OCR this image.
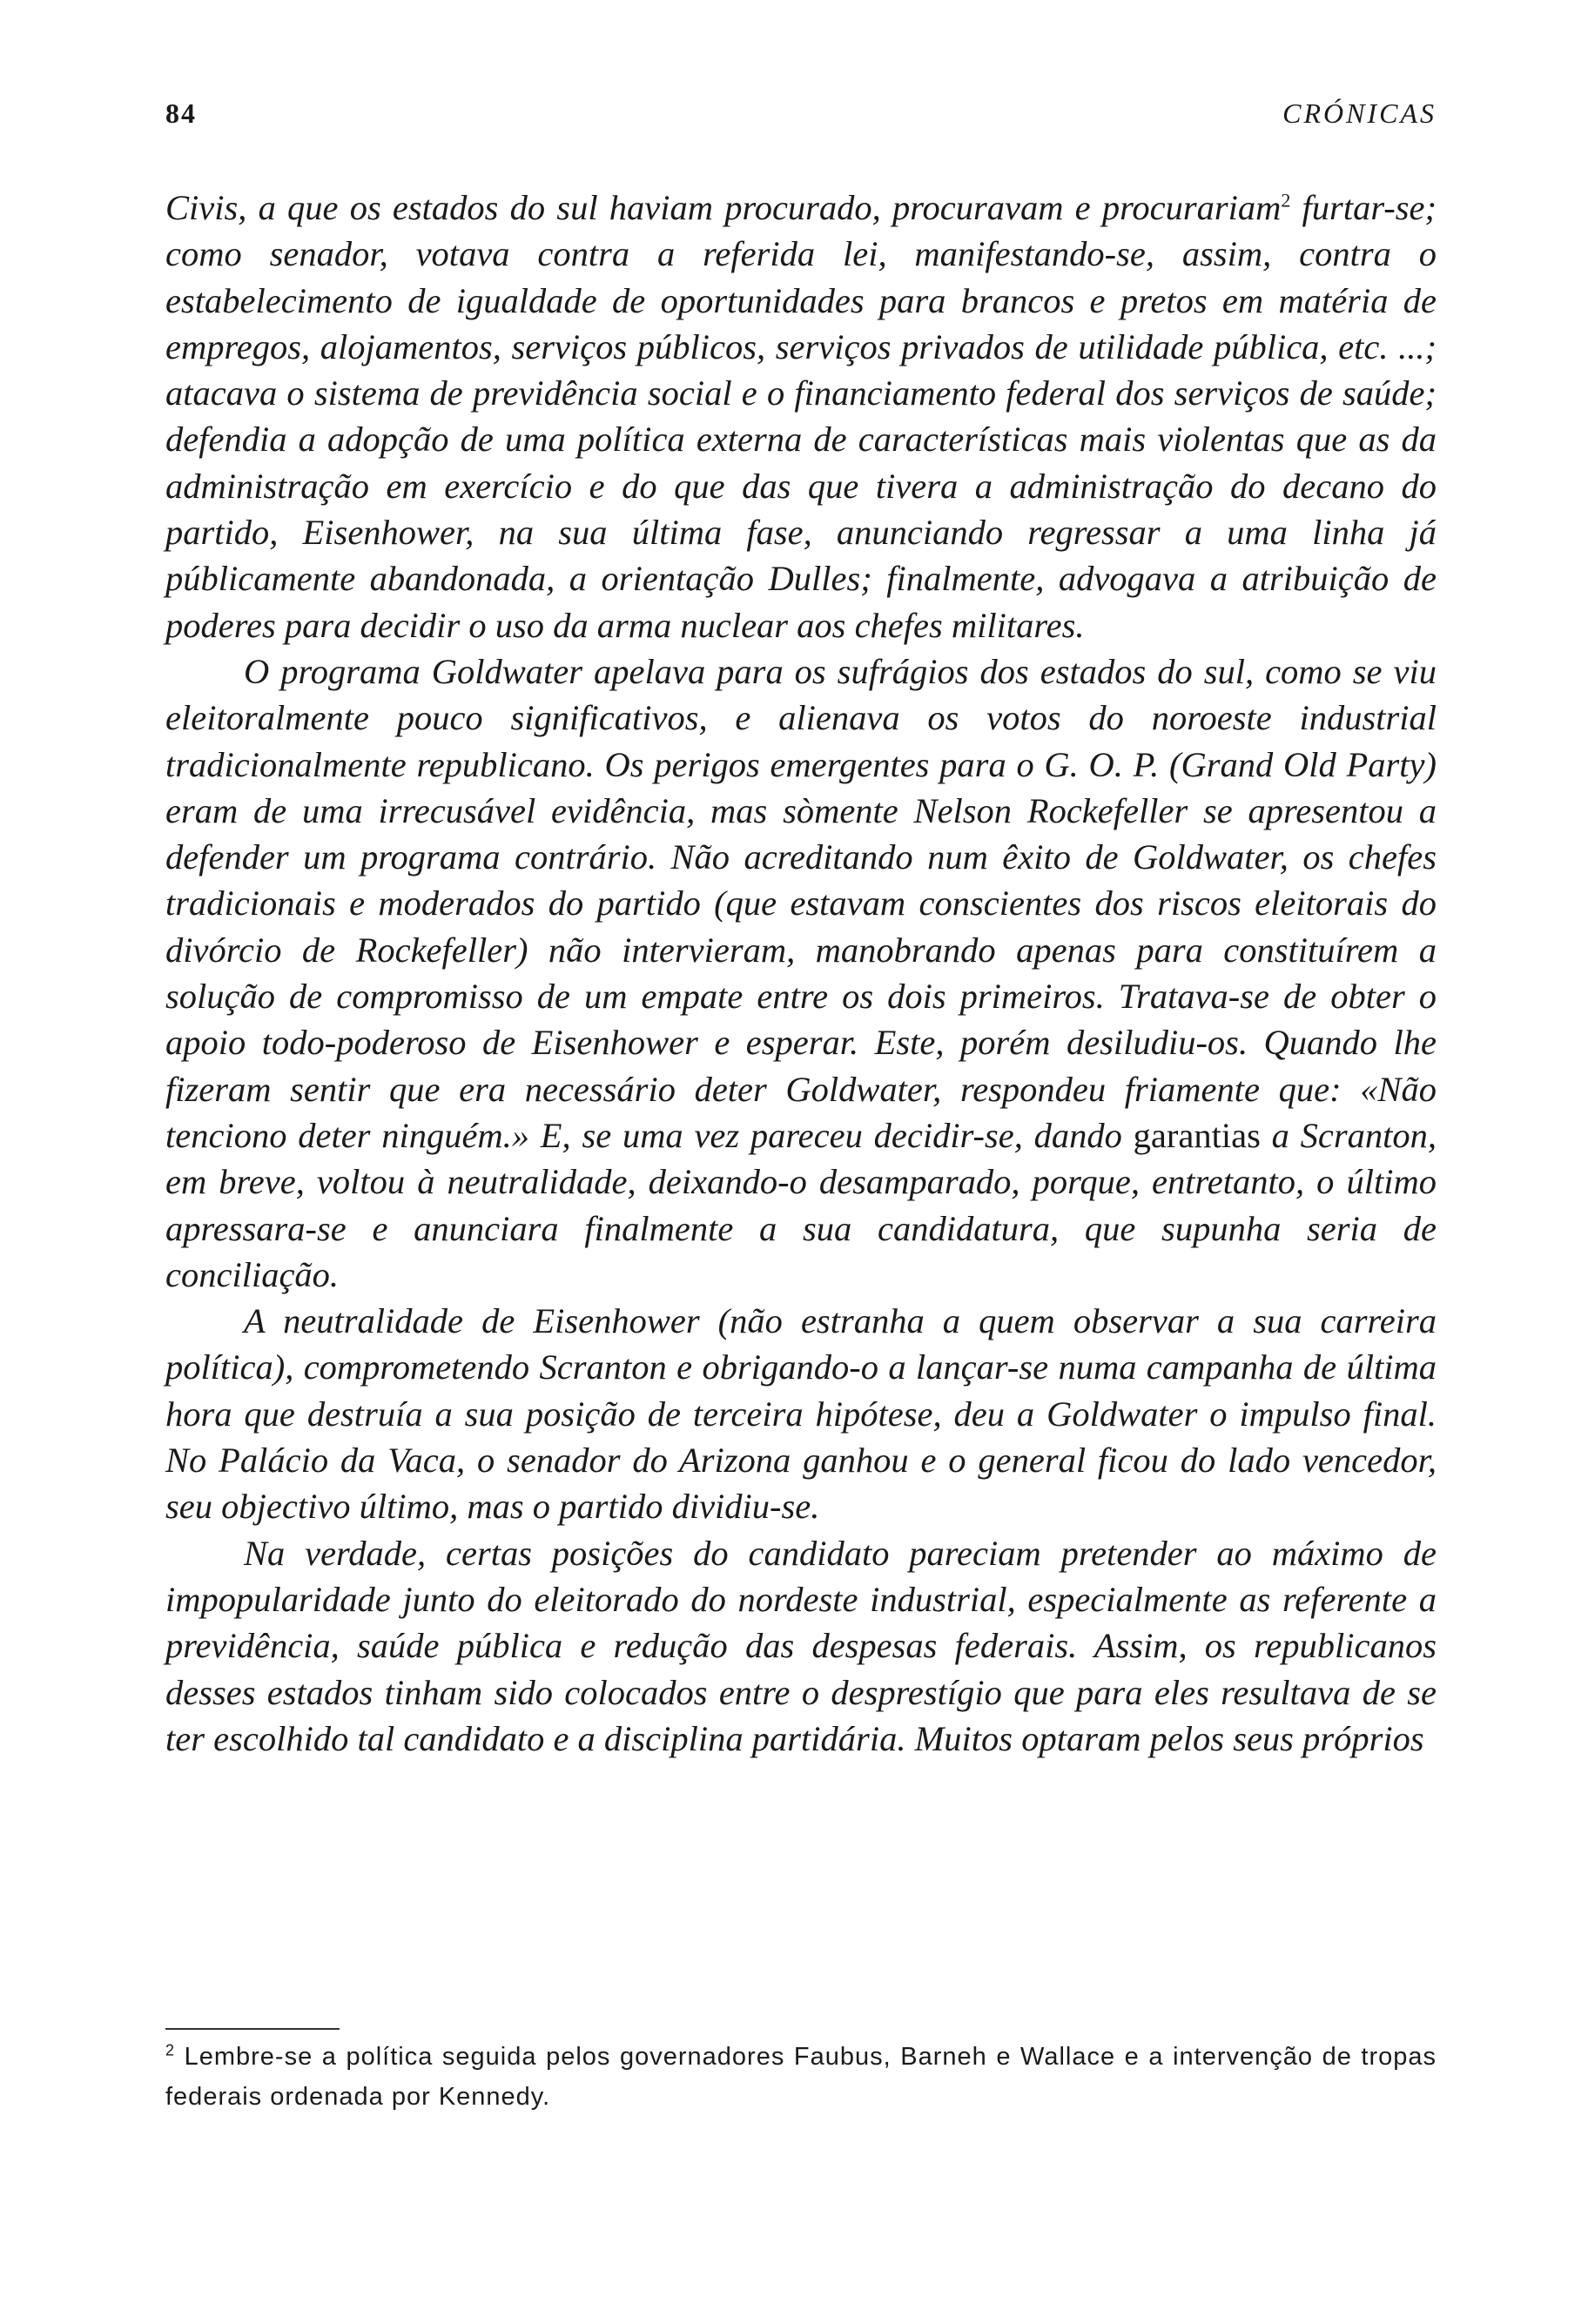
84	CRÓNICAS

Civis, a que os estados do sul haviam procurado, procuravam e procurariam$^2$ furtar-se; como senador, votava contra a referida lei, manifestando-se, assim, contra o estabelecimento de igualdade de oportunidades para brancos e pretos em matéria de empregos, alojamentos, serviços públicos, serviços privados de utilidade pública, etc. ...; atacava o sistema de previdência social e o financiamento federal dos serviços de saúde; defendia a adopção de uma política externa de características mais violentas que as da administração em exercício e do que das que tivera a administração do decano do partido, Eisenhower, na sua última fase, anunciando regressar a uma linha já públicamente abandonada, a orientação Dulles; finalmente, advogava a atribuição de poderes para decidir o uso da arma nuclear aos chefes militares.

O programa Goldwater apelava para os sufrágios dos estados do sul, como se viu eleitoralmente pouco significativos, e alienava os votos do noroeste industrial tradicionalmente republicano. Os perigos emergentes para o G. O. P. (Grand Old Party) eram de uma irrecusável evidência, mas sòmente Nelson Rockefeller se apresentou a defender um programa contrário. Não acreditando num êxito de Goldwater, os chefes tradicionais e moderados do partido (que estavam conscientes dos riscos eleitorais do divórcio de Rockefeller) não intervieram, manobrando apenas para constituírem a solução de compromisso de um empate entre os dois primeiros. Tratava-se de obter o apoio todo-poderoso de Eisenhower e esperar. Este, porém desiludiu-os. Quando lhe fizeram sentir que era necessário deter Goldwater, respondeu friamente que: «Não tenciono deter ninguém.» E, se uma vez pareceu decidir-se, dando garantias a Scranton, em breve, voltou à neutralidade, deixando-o desamparado, porque, entretanto, o último apressara-se e anunciara finalmente a sua candidatura, que supunha seria de conciliação.

A neutralidade de Eisenhower (não estranha a quem observar a sua carreira política), comprometendo Scranton e obrigando-o a lançar-se numa campanha de última hora que destruía a sua posição de terceira hipótese, deu a Goldwater o impulso final. No Palácio da Vaca, o senador do Arizona ganhou e o general ficou do lado vencedor, seu objectivo último, mas o partido dividiu-se.

Na verdade, certas posições do candidato pareciam pretender ao máximo de impopularidade junto do eleitorado do nordeste industrial, especialmente as referente a previdência, saúde pública e redução das despesas federais. Assim, os republicanos desses estados tinham sido colocados entre o desprestígio que para eles resultava de se ter escolhido tal candidato e a disciplina partidária. Muitos optaram pelos seus próprios

$^2$ Lembre-se a política seguida pelos governadores Faubus, Barneh e Wallace e a intervenção de tropas federais ordenada por Kennedy.
